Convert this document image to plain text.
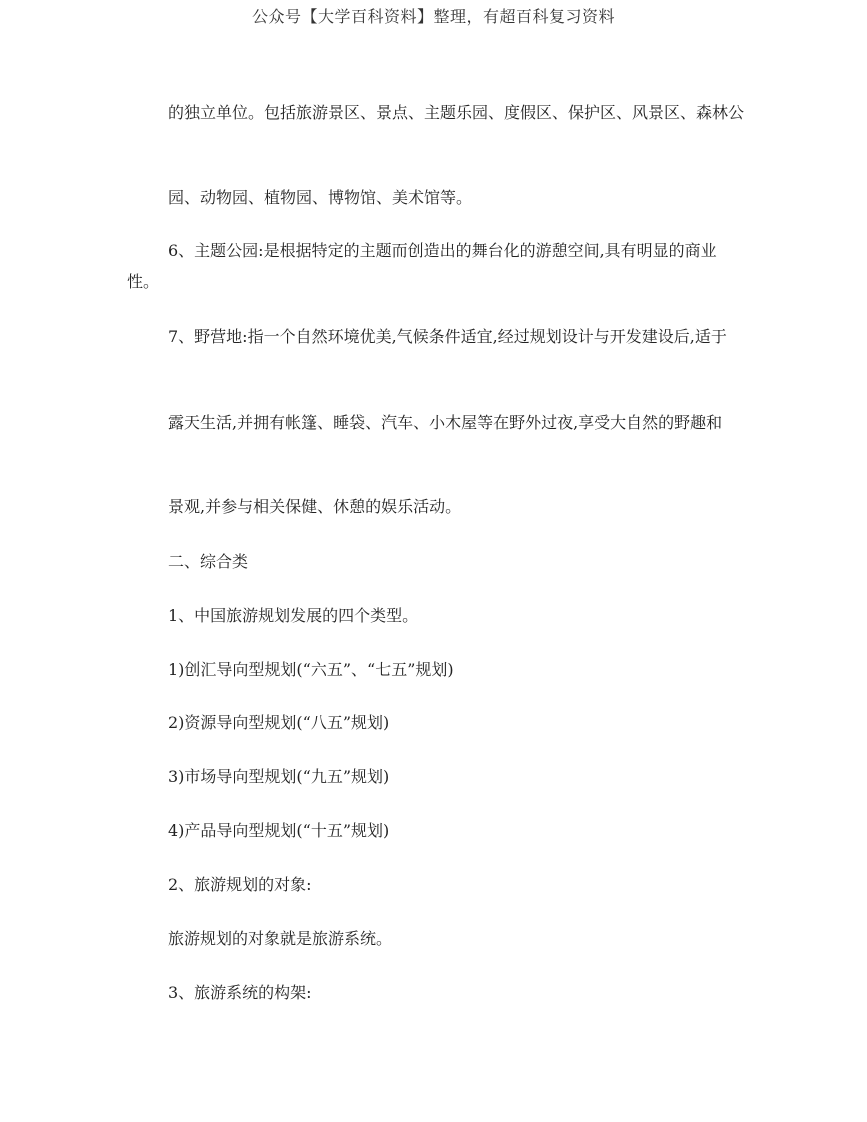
公众号【大学百科资料】整理，有超百科复习资料
的独立单位。包括旅游景区、景点、主题乐园、度假区、保护区、风景区、森林公
园、动物园、植物园、博物馆、美术馆等。
6、主题公园:是根据特定的主题而创造出的舞台化的游憩空间,具有明显的商业性。
7、野营地:指一个自然环境优美,气候条件适宜,经过规划设计与开发建设后,适于
露天生活,并拥有帐篷、睡袋、汽车、小木屋等在野外过夜,享受大自然的野趣和
景观,并参与相关保健、休憩的娱乐活动。
二、综合类
1、中国旅游规划发展的四个类型。
1)创汇导向型规划(“六五”、“七五”规划)
2)资源导向型规划(“八五”规划)
3)市场导向型规划(“九五”规划)
4)产品导向型规划(“十五”规划)
2、旅游规划的对象:
旅游规划的对象就是旅游系统。
3、旅游系统的构架:
